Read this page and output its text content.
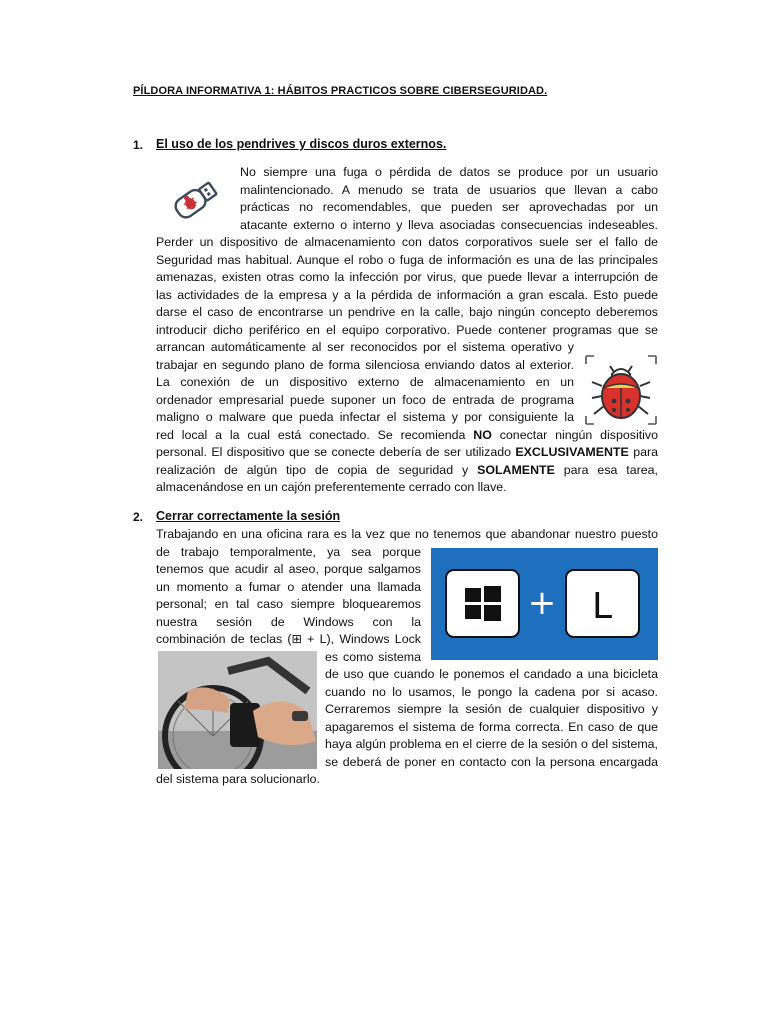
PÍLDORA INFORMATIVA 1: HÁBITOS PRACTICOS SOBRE CIBERSEGURIDAD.
1. El uso de los pendrives y discos duros externos.
No siempre una fuga o pérdida de datos se produce por un usuario
malintencionado. A menudo se trata de usuarios que llevan a cabo
prácticas no recomendables, que pueden ser aprovechadas por un
atacante externo o interno y lleva asociadas consecuencias indeseables.
Perder un dispositivo de almacenamiento con datos corporativos suele ser el fallo de
Seguridad mas habitual. Aunque el robo o fuga de información es una de las principales
amenazas, existen otras como la infección por virus, que puede llevar a interrupción de
las actividades de la empresa y a la pérdida de información a gran escala. Esto puede
darse el caso de encontrarse un pendrive en la calle, bajo ningún concepto deberemos
introducir dicho periférico en el equipo corporativo. Puede contener programas que se
arrancan automáticamente al ser reconocidos por el sistema operativo y
trabajar en segundo plano de forma silenciosa enviando datos al exterior.
La conexión de un dispositivo externo de almacenamiento en un
ordenador empresarial puede suponer un foco de entrada de programa
maligno o malware que pueda infectar el sistema y por consiguiente la
red local a la cual está conectado. Se recomienda NO conectar ningún dispositivo
personal. El dispositivo que se conecte debería de ser utilizado EXCLUSIVAMENTE para
realización de algún tipo de copia de seguridad y SOLAMENTE para esa tarea,
almacenándose en un cajón preferentemente cerrado con llave.
2. Cerrar correctamente la sesión
Trabajando en una oficina rara es la vez que no tenemos que abandonar nuestro puesto
de trabajo temporalmente, ya sea porque
tenemos que acudir al aseo, porque salgamos
un momento a fumar o atender una llamada
personal; en tal caso siempre bloquearemos
nuestra sesión de Windows con la
combinación de teclas (⊞ + L), Windows Lock
+ L
es como sistema
de uso que cuando le ponemos el candado a una bicicleta
cuando no lo usamos, le pongo la cadena por si acaso.
Cerraremos siempre la sesión de cualquier dispositivo y
apagaremos el sistema de forma correcta. En caso de que
haya algún problema en el cierre de la sesión o del sistema,
se deberá de poner en contacto con la persona encargada
del sistema para solucionarlo.
